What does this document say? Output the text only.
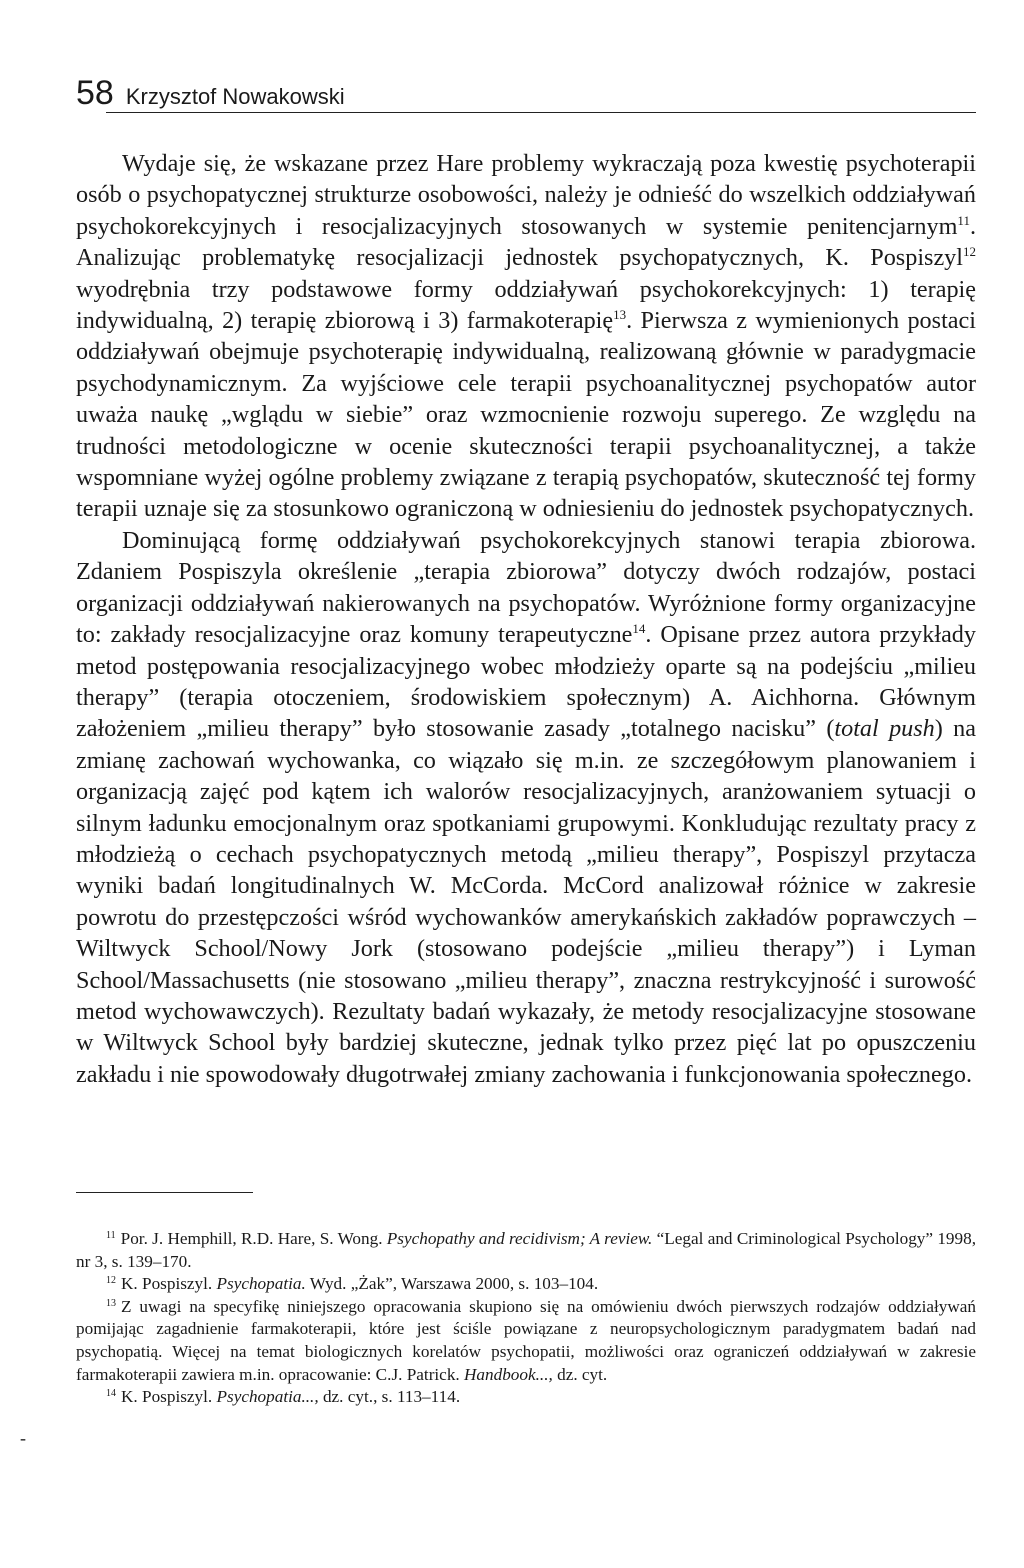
58 Krzysztof Nowakowski

Wydaje się, że wskazane przez Hare problemy wykraczają poza kwestię psychoterapii osób o psychopatycznej strukturze osobowości, należy je odnieść do wszelkich oddziaływań psychokorekcyjnych i resocjalizacyjnych stosowanych w systemie penitencjarnym$^{11}$. Analizując problematykę resocjalizacji jednostek psychopatycznych, K. Pospiszyl$^{12}$ wyodrębnia trzy podstawowe formy oddziaływań psychokorekcyjnych: 1) terapię indywidualną, 2) terapię zbiorową i 3) farmakoterapię$^{13}$. Pierwsza z wymienionych postaci oddziaływań obejmuje psychoterapię indywidualną, realizowaną głównie w paradygmacie psychodynamicznym. Za wyjściowe cele terapii psychoanalitycznej psychopatów autor uważa naukę „wglądu w siebie” oraz wzmocnienie rozwoju superego. Ze względu na trudności metodologiczne w ocenie skuteczności terapii psychoanalitycznej, a także wspomniane wyżej ogólne problemy związane z terapią psychopatów, skuteczność tej formy terapii uznaje się za stosunkowo ograniczoną w odniesieniu do jednostek psychopatycznych.

Dominującą formę oddziaływań psychokorekcyjnych stanowi terapia zbiorowa. Zdaniem Pospiszyla określenie „terapia zbiorowa” dotyczy dwóch rodzajów, postaci organizacji oddziaływań nakierowanych na psychopatów. Wyróżnione formy organizacyjne to: zakłady resocjalizacyjne oraz komuny terapeutyczne$^{14}$. Opisane przez autora przykłady metod postępowania resocjalizacyjnego wobec młodzieży oparte są na podejściu „milieu therapy” (terapia otoczeniem, środowiskiem społecznym) A. Aichhorna. Głównym założeniem „milieu therapy” było stosowanie zasady „totalnego nacisku” (total push) na zmianę zachowań wychowanka, co wiązało się m.in. ze szczegółowym planowaniem i organizacją zajęć pod kątem ich walorów resocjalizacyjnych, aranżowaniem sytuacji o silnym ładunku emocjonalnym oraz spotkaniami grupowymi. Konkludując rezultaty pracy z młodzieżą o cechach psychopatycznych metodą „milieu therapy”, Pospiszyl przytacza wyniki badań longitudinalnych W. McCorda. McCord analizował różnice w zakresie powrotu do przestępczości wśród wychowanków amerykańskich zakładów poprawczych – Wiltwyck School/Nowy Jork (stosowano podejście „milieu therapy”) i Lyman School/Massachusetts (nie stosowano „milieu therapy”, znaczna restrykcyjność i surowość metod wychowawczych). Rezultaty badań wykazały, że metody resocjalizacyjne stosowane w Wiltwyck School były bardziej skuteczne, jednak tylko przez pięć lat po opuszczeniu zakładu i nie spowodowały długotrwałej zmiany zachowania i funkcjonowania społecznego.

$^{11}$ Por. J. Hemphill, R.D. Hare, S. Wong. Psychopathy and recidivism; A review. “Legal and Criminological Psychology” 1998, nr 3, s. 139–170.

$^{12}$ K. Pospiszyl. Psychopatia. Wyd. „Żak”, Warszawa 2000, s. 103–104.

$^{13}$ Z uwagi na specyfikę niniejszego opracowania skupiono się na omówieniu dwóch pierwszych rodzajów oddziaływań pomijając zagadnienie farmakoterapii, które jest ściśle powiązane z neuropsychologicznym paradygmatem badań nad psychopatią. Więcej na temat biologicznych korelatów psychopatii, możliwości oraz ograniczeń oddziaływań w zakresie farmakoterapii zawiera m.in. opracowanie: C.J. Patrick. Handbook..., dz. cyt.

$^{14}$ K. Pospiszyl. Psychopatia..., dz. cyt., s. 113–114.

-
